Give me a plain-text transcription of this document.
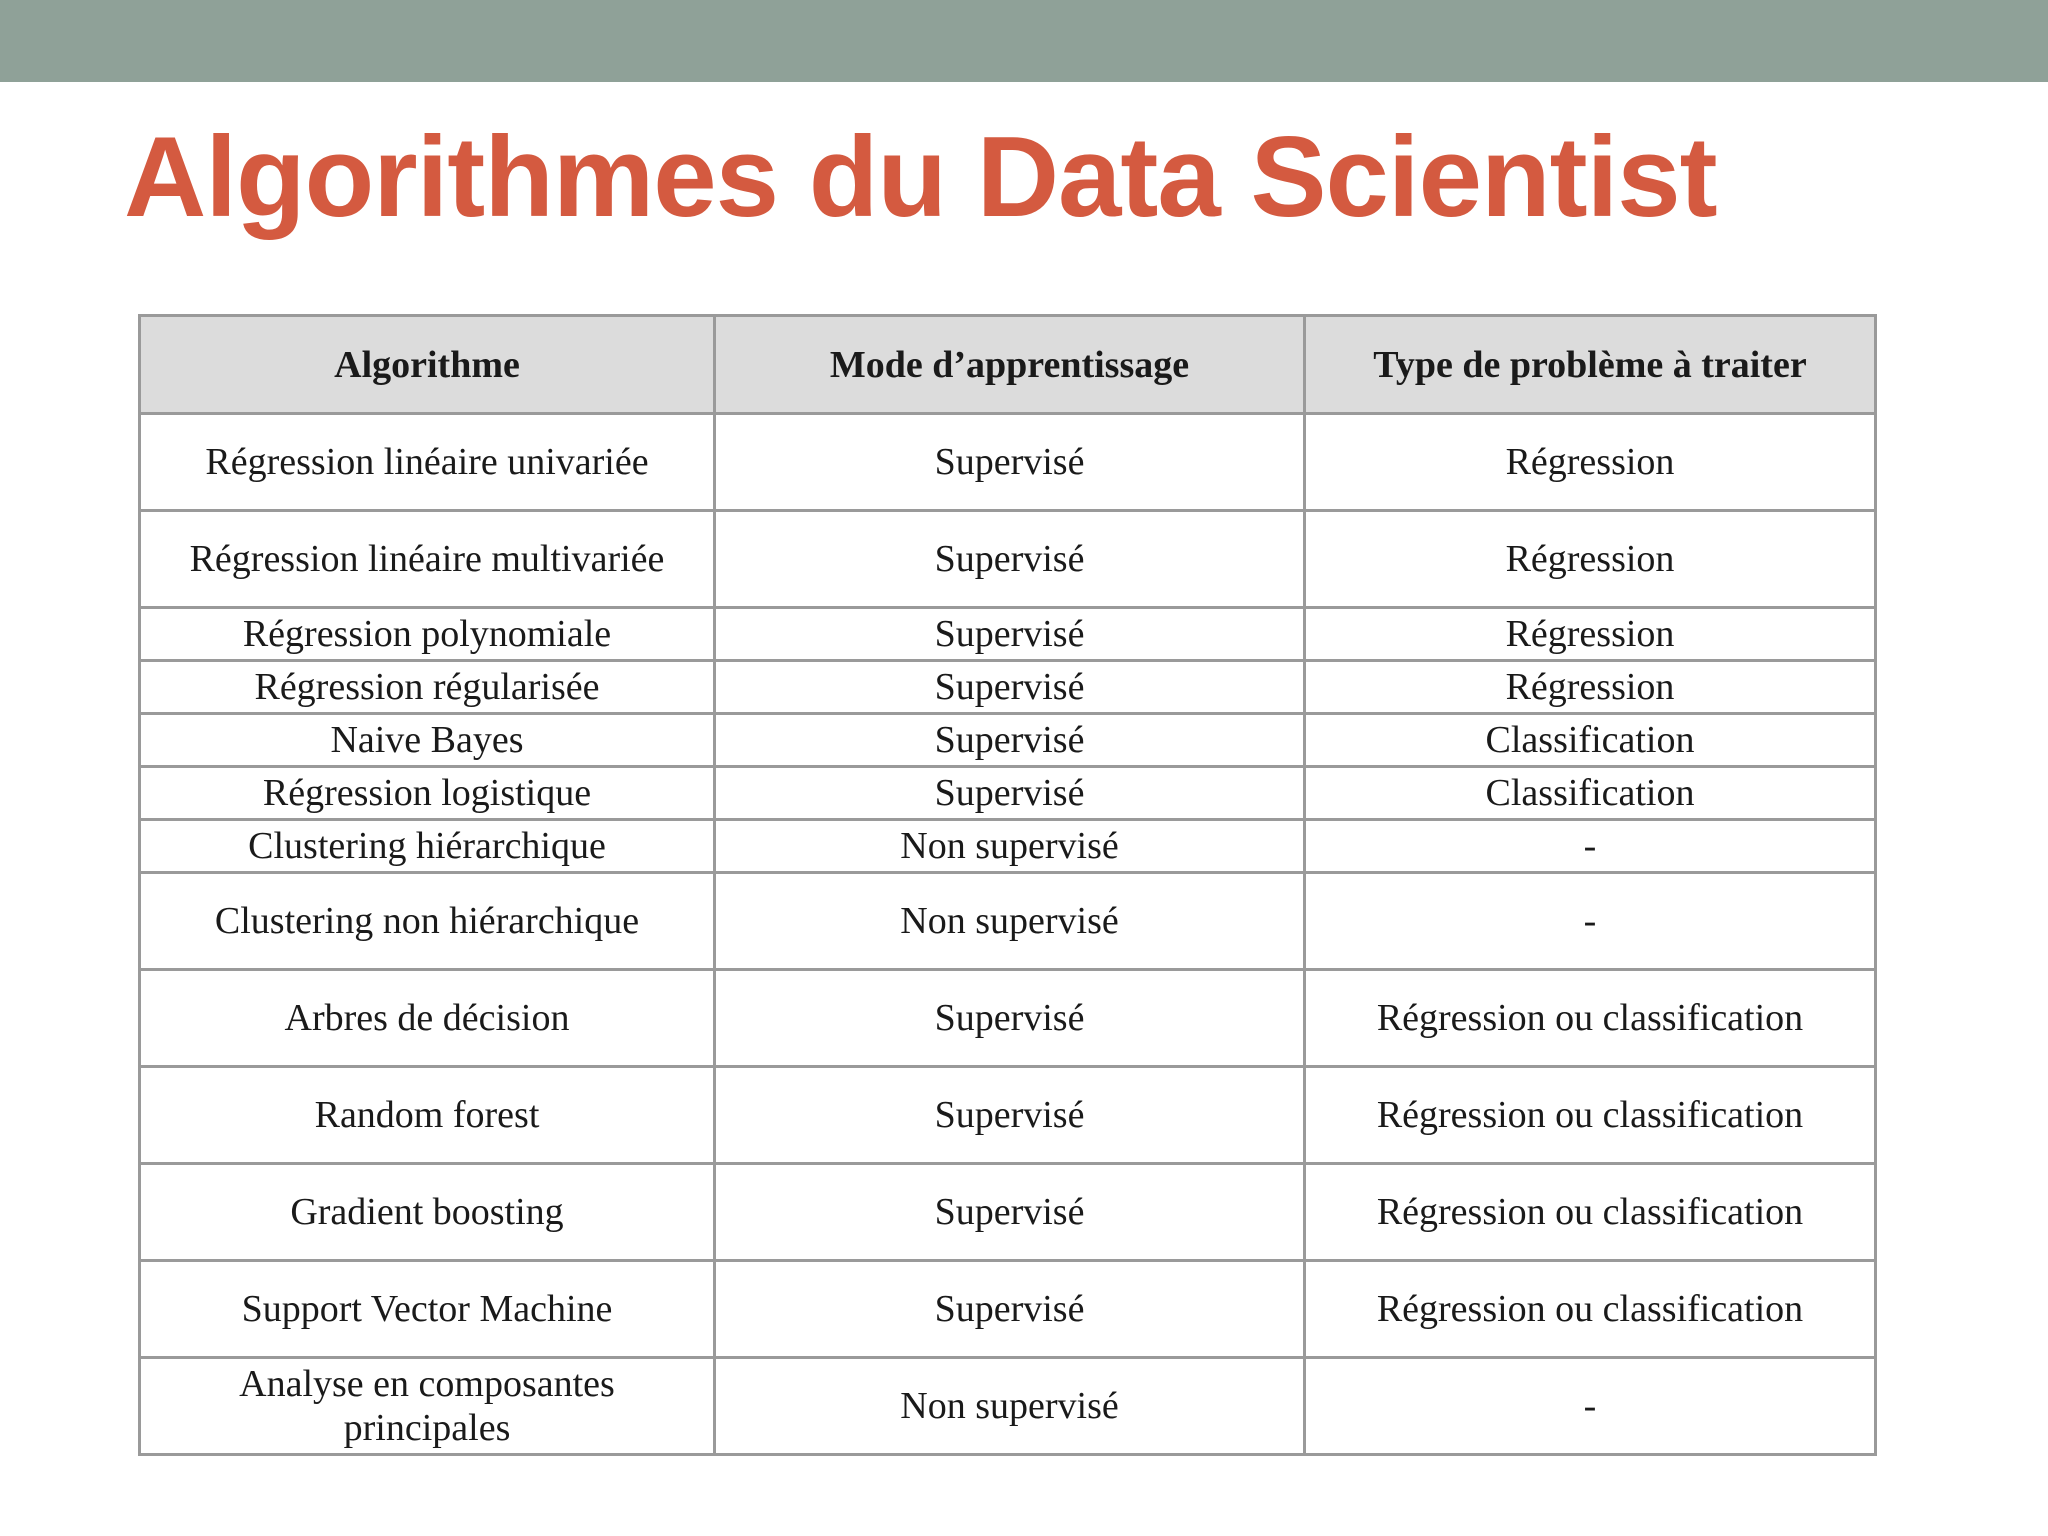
Algorithmes du Data Scientist
Algorithme	Mode d’apprentissage	Type de problème à traiter
Régression linéaire univariée	Supervisé	Régression
Régression linéaire multivariée	Supervisé	Régression
Régression polynomiale	Supervisé	Régression
Régression régularisée	Supervisé	Régression
Naive Bayes	Supervisé	Classification
Régression logistique	Supervisé	Classification
Clustering hiérarchique	Non supervisé	-
Clustering non hiérarchique	Non supervisé	-
Arbres de décision	Supervisé	Régression ou classification
Random forest	Supervisé	Régression ou classification
Gradient boosting	Supervisé	Régression ou classification
Support Vector Machine	Supervisé	Régression ou classification
Analyse en composantes principales	Non supervisé	-
